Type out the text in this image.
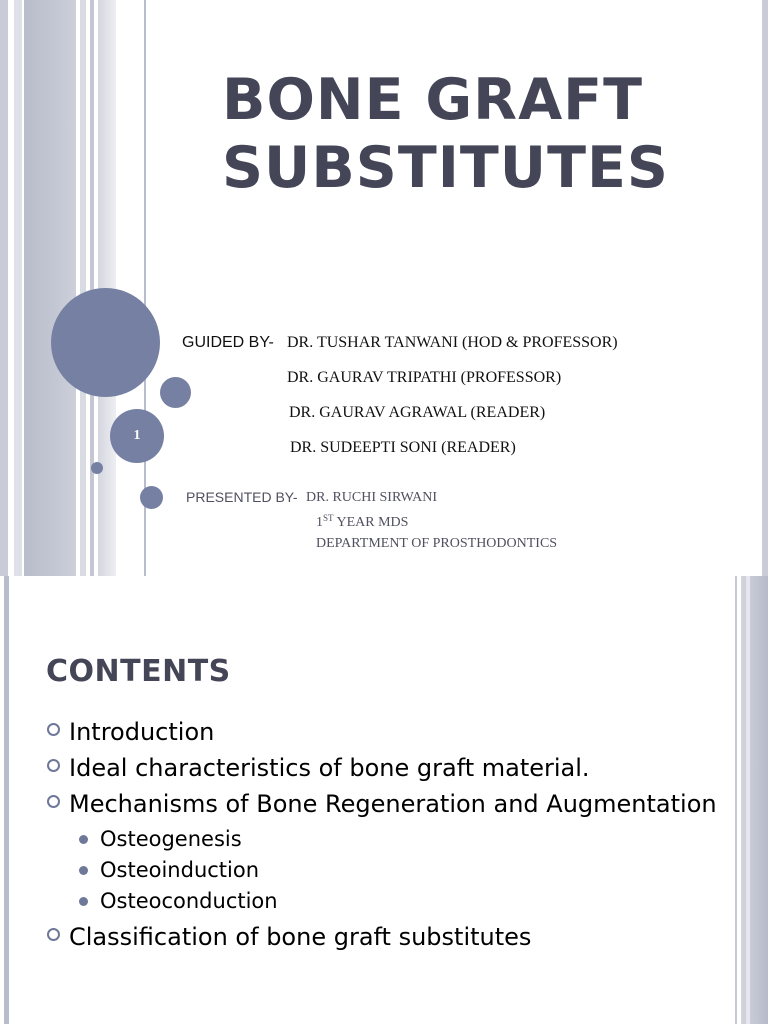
1
BONE GRAFT
SUBSTITUTES
GUIDED BY- DR. TUSHAR TANWANI (HOD & PROFESSOR)
DR. GAURAV TRIPATHI (PROFESSOR)
DR. GAURAV AGRAWAL (READER)
DR. SUDEEPTI SONI (READER)
PRESENTED BY- DR. RUCHI SIRWANI
1ST YEAR MDS
DEPARTMENT OF PROSTHODONTICS
CONTENTS
Introduction
Ideal characteristics of bone graft material.
Mechanisms of Bone Regeneration and Augmentation
Osteogenesis
Osteoinduction
Osteoconduction
Classification of bone graft substitutes
